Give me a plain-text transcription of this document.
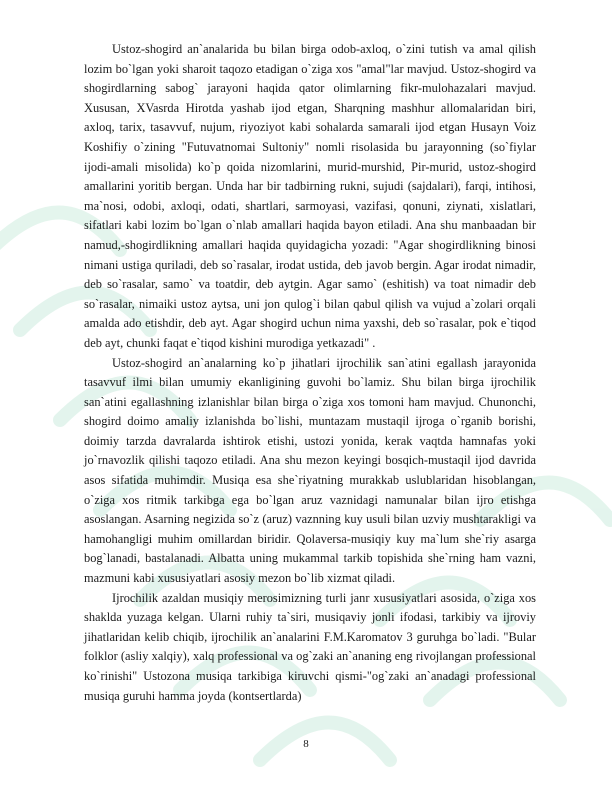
Ustoz-shogird an`analarida bu bilan birga odob-axloq, o`zini tutish va amal qilish lozim bo`lgan yoki sharoit taqozo etadigan o`ziga xos "amal"lar mavjud. Ustoz-shogird va shogirdlarning sabog` jarayoni haqida qator olimlarning fikr-mulohazalari mavjud. Xususan, XVasrda Hirotda yashab ijod etgan, Sharqning mashhur allomalaridan biri, axloq, tarix, tasavvuf, nujum, riyoziyot kabi sohalarda samarali ijod etgan Husayn Voiz Koshifiy o`zining "Futuvatnomai Sultoniy" nomli risolasida bu jarayonning (so`fiylar ijodi-amali misolida) ko`p qoida nizomlarini, murid-murshid, Pir-murid, ustoz-shogird amallarini yoritib bergan. Unda har bir tadbirning rukni, sujudi (sajdalari), farqi, intihosi, ma`nosi, odobi, axloqi, odati, shartlari, sarmoyasi, vazifasi, qonuni, ziynati, xislatlari, sifatlari kabi lozim bo`lgan o`nlab amallari haqida bayon etiladi. Ana shu manbaadan bir namud,-shogirdlikning amallari haqida quyidagicha yozadi: "Agar shogirdlikning binosi nimani ustiga quriladi, deb so`rasalar, irodat ustida, deb javob bergin. Agar irodat nimadir, deb so`rasalar, samo` va toatdir, deb aytgin. Agar samo` (eshitish) va toat nimadir deb so`rasalar, nimaiki ustoz aytsa, uni jon qulog`i bilan qabul qilish va vujud a`zolari orqali amalda ado etishdir, deb ayt. Agar shogird uchun nima yaxshi, deb so`rasalar, pok e`tiqod deb ayt, chunki faqat e`tiqod kishini murodiga yetkazadi" .

Ustoz-shogird an`analarning ko`p jihatlari ijrochilik san`atini egallash jarayonida tasavvuf ilmi bilan umumiy ekanligining guvohi bo`lamiz. Shu bilan birga ijrochilik san`atini egallashning izlanishlar bilan birga o`ziga xos tomoni ham mavjud. Chunonchi, shogird doimo amaliy izlanishda bo`lishi, muntazam mustaqil ijroga o`rganib borishi, doimiy tarzda davralarda ishtirok etishi, ustozi yonida, kerak vaqtda hamnafas yoki jo`rnavozlik qilishi taqozo etiladi. Ana shu mezon keyingi bosqich-mustaqil ijod davrida asos sifatida muhimdir. Musiqa esa she`riyatning murakkab uslublaridan hisoblangan, o`ziga xos ritmik tarkibga ega bo`lgan aruz vaznidagi namunalar bilan ijro etishga asoslangan. Asarning negizida so`z (aruz) vaznning kuy usuli bilan uzviy mushtarakligi va hamohangligi muhim omillardan biridir. Qolaversa-musiqiy kuy ma`lum she`riy asarga bog`lanadi, bastalanadi. Albatta uning mukammal tarkib topishida she`rning ham vazni, mazmuni kabi xususiyatlari asosiy mezon bo`lib xizmat qiladi.

Ijrochilik azaldan musiqiy merosimizning turli janr xususiyatlari asosida, o`ziga xos shaklda yuzaga kelgan. Ularni ruhiy ta`siri, musiqaviy jonli ifodasi, tarkibiy va ijroviy jihatlaridan kelib chiqib, ijrochilik an`analarini F.M.Karomatov 3 guruhga bo`ladi. "Bular folklor (asliy xalqiy), xalq professional va og`zaki an`ananing eng rivojlangan professional ko`rinishi" Ustozona musiqa tarkibiga kiruvchi qismi-"og`zaki an`anadagi professional musiqa guruhi hamma joyda (kontsertlarda)

8
